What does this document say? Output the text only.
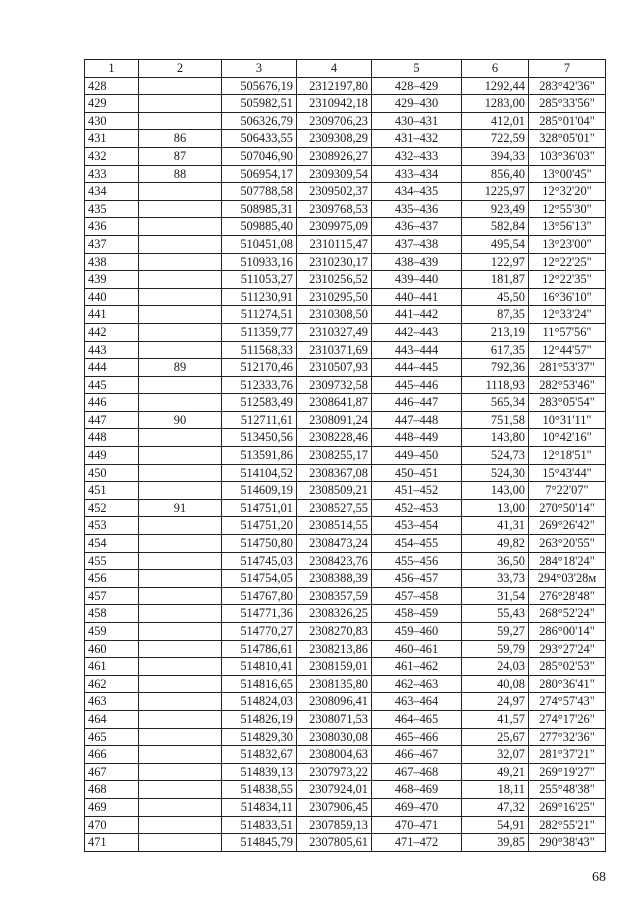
1	2	3	4	5	6	7
428		505676,19	2312197,80	428–429	1292,44	283°42'36"
429		505982,51	2310942,18	429–430	1283,00	285°33'56"
430		506326,79	2309706,23	430–431	412,01	285°01'04"
431	86	506433,55	2309308,29	431–432	722,59	328°05'01"
432	87	507046,90	2308926,27	432–433	394,33	103°36'03"
433	88	506954,17	2309309,54	433–434	856,40	13°00'45"
434		507788,58	2309502,37	434–435	1225,97	12°32'20"
435		508985,31	2309768,53	435–436	923,49	12°55'30"
436		509885,40	2309975,09	436–437	582,84	13°56'13"
437		510451,08	2310115,47	437–438	495,54	13°23'00"
438		510933,16	2310230,17	438–439	122,97	12°22'25"
439		511053,27	2310256,52	439–440	181,87	12°22'35"
440		511230,91	2310295,50	440–441	45,50	16°36'10"
441		511274,51	2310308,50	441–442	87,35	12°33'24"
442		511359,77	2310327,49	442–443	213,19	11°57'56"
443		511568,33	2310371,69	443–444	617,35	12°44'57"
444	89	512170,46	2310507,93	444–445	792,36	281°53'37"
445		512333,76	2309732,58	445–446	1118,93	282°53'46"
446		512583,49	2308641,87	446–447	565,34	283°05'54"
447	90	512711,61	2308091,24	447–448	751,58	10°31'11"
448		513450,56	2308228,46	448–449	143,80	10°42'16"
449		513591,86	2308255,17	449–450	524,73	12°18'51"
450		514104,52	2308367,08	450–451	524,30	15°43'44"
451		514609,19	2308509,21	451–452	143,00	7°22'07"
452	91	514751,01	2308527,55	452–453	13,00	270°50'14"
453		514751,20	2308514,55	453–454	41,31	269°26'42"
454		514750,80	2308473,24	454–455	49,82	263°20'55"
455		514745,03	2308423,76	455–456	36,50	284°18'24"
456		514754,05	2308388,39	456–457	33,73	294°03'28м
457		514767,80	2308357,59	457–458	31,54	276°28'48"
458		514771,36	2308326,25	458–459	55,43	268°52'24"
459		514770,27	2308270,83	459–460	59,27	286°00'14"
460		514786,61	2308213,86	460–461	59,79	293°27'24"
461		514810,41	2308159,01	461–462	24,03	285°02'53"
462		514816,65	2308135,80	462–463	40,08	280°36'41"
463		514824,03	2308096,41	463–464	24,97	274°57'43"
464		514826,19	2308071,53	464–465	41,57	274°17'26"
465		514829,30	2308030,08	465–466	25,67	277°32'36"
466		514832,67	2308004,63	466–467	32,07	281°37'21"
467		514839,13	2307973,22	467–468	49,21	269°19'27"
468		514838,55	2307924,01	468–469	18,11	255°48'38"
469		514834,11	2307906,45	469–470	47,32	269°16'25"
470		514833,51	2307859,13	470–471	54,91	282°55'21"
471		514845,79	2307805,61	471–472	39,85	290°38'43"
68
